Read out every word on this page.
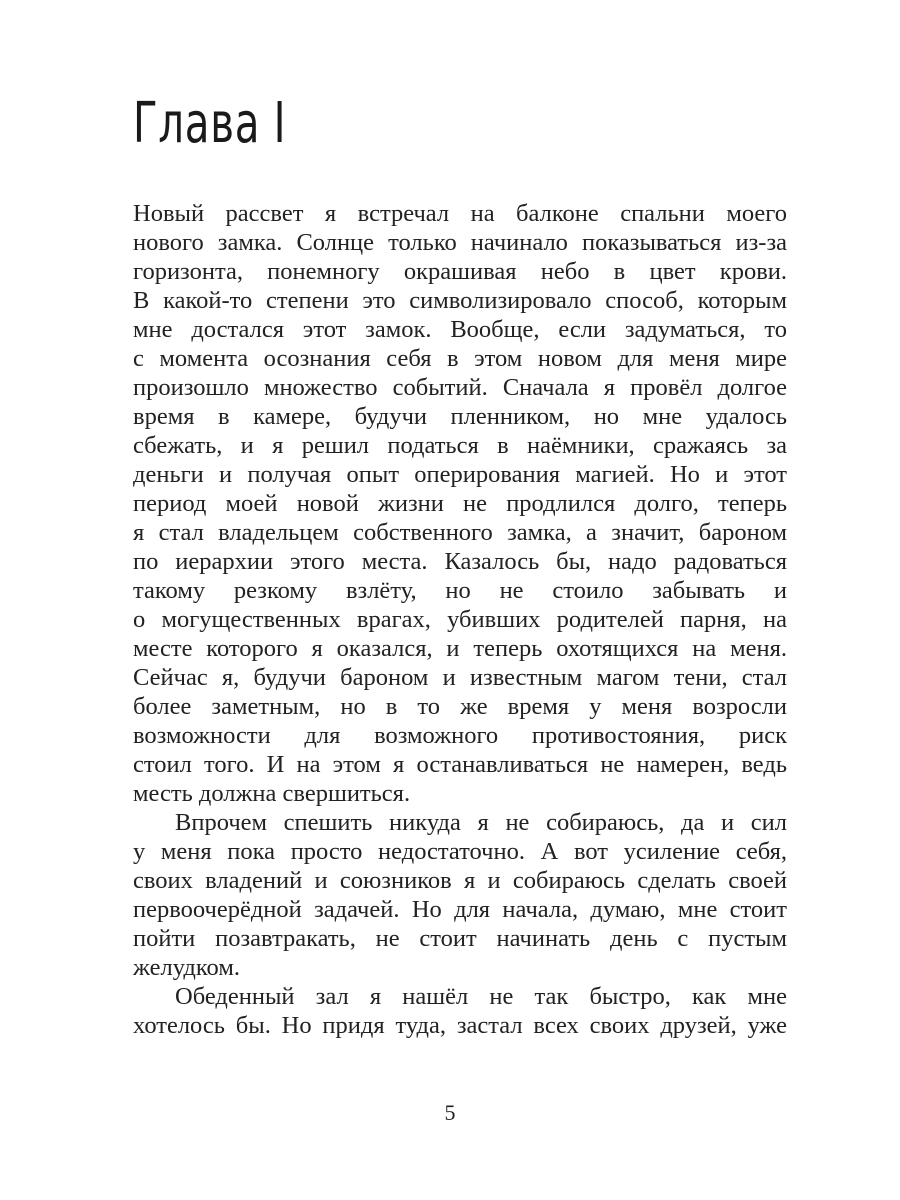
Глава I
Новый рассвет я встречал на балконе спальни моего
нового замка. Солнце только начинало показываться из-за
горизонта, понемногу окрашивая небо в цвет крови.
В какой-то степени это символизировало способ, которым
мне достался этот замок. Вообще, если задуматься, то
с момента осознания себя в этом новом для меня мире
произошло множество событий. Сначала я провёл долгое
время в камере, будучи пленником, но мне удалось
сбежать, и я решил податься в наёмники, сражаясь за
деньги и получая опыт оперирования магией. Но и этот
период моей новой жизни не продлился долго, теперь
я стал владельцем собственного замка, а значит, бароном
по иерархии этого места. Казалось бы, надо радоваться
такому резкому взлёту, но не стоило забывать и
о могущественных врагах, убивших родителей парня, на
месте которого я оказался, и теперь охотящихся на меня.
Сейчас я, будучи бароном и известным магом тени, стал
более заметным, но в то же время у меня возросли
возможности для возможного противостояния, риск
стоил того. И на этом я останавливаться не намерен, ведь
месть должна свершиться.
Впрочем спешить никуда я не собираюсь, да и сил
у меня пока просто недостаточно. А вот усиление себя,
своих владений и союзников я и собираюсь сделать своей
первоочерёдной задачей. Но для начала, думаю, мне стоит
пойти позавтракать, не стоит начинать день с пустым
желудком.
Обеденный зал я нашёл не так быстро, как мне
хотелось бы. Но придя туда, застал всех своих друзей, уже
5
